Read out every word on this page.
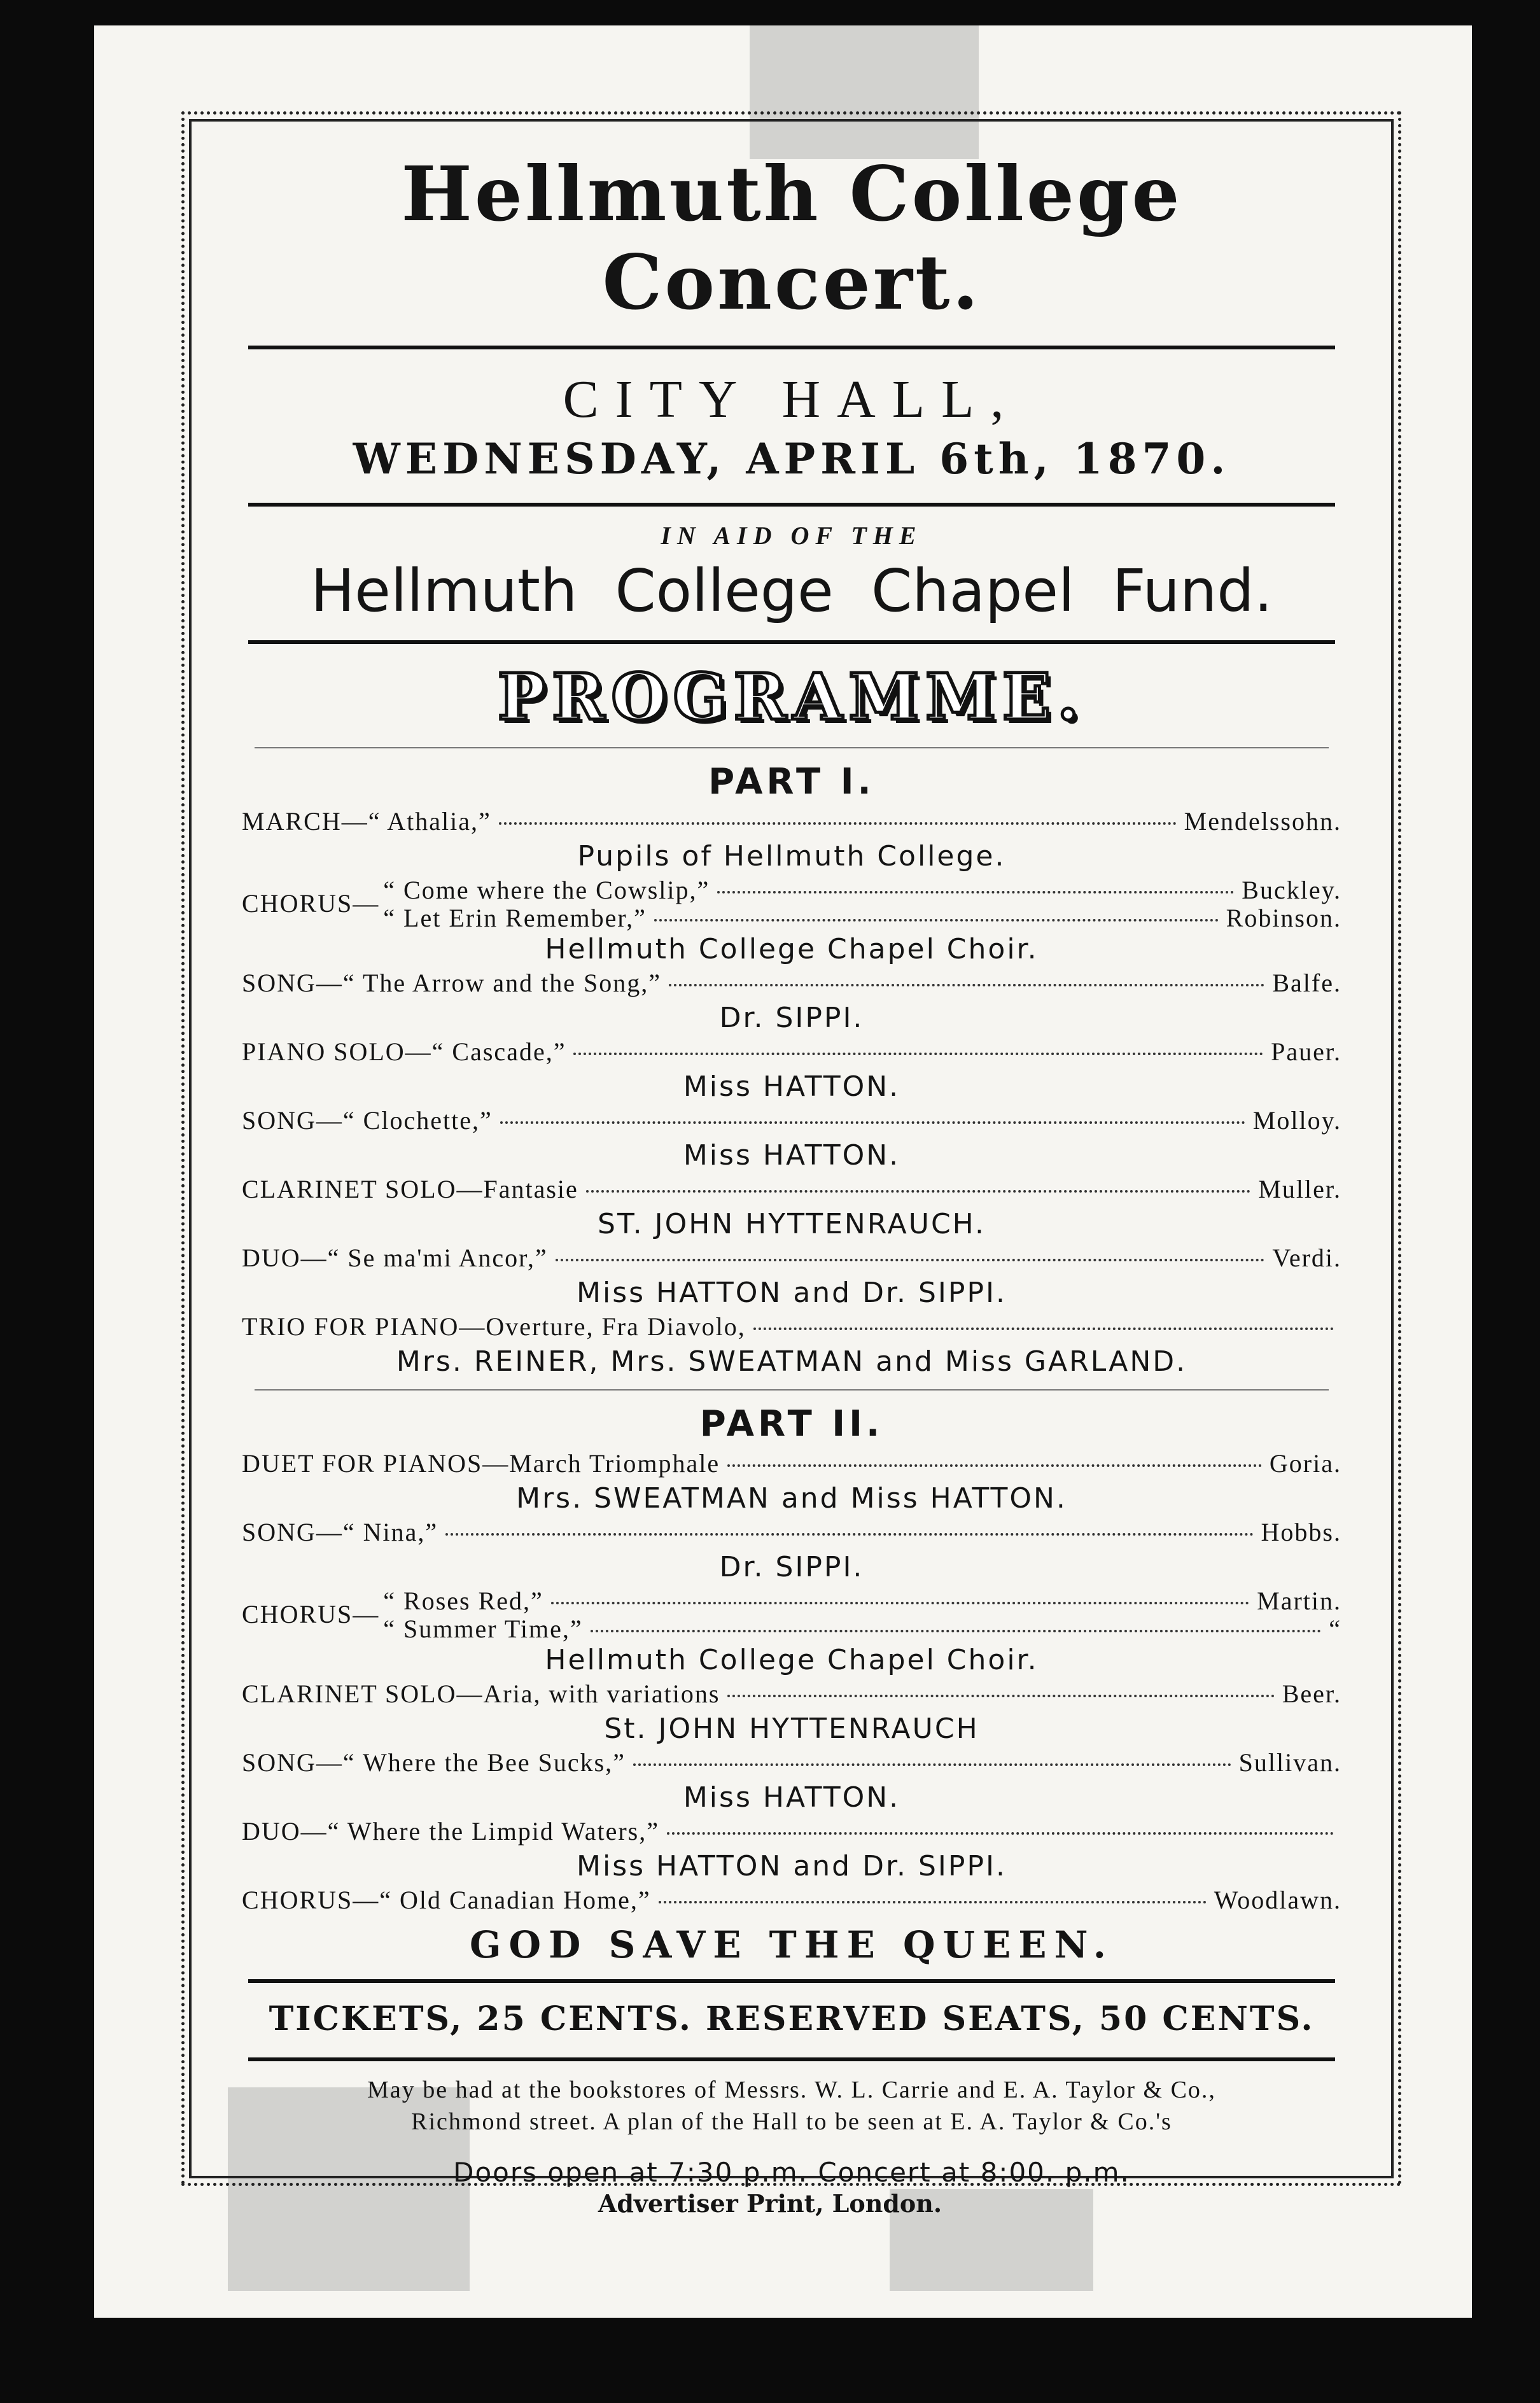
Hellmuth College Concert.
CITY HALL,
WEDNESDAY, APRIL 6th, 1870.
IN AID OF THE
Hellmuth College Chapel Fund.
PROGRAMME.
PART I.
MARCH—“ Athalia,”	Mendelssohn.
Pupils of Hellmuth College.
CHORUS— “ Come where the Cowslip,”	Buckley.
“ Let Erin Remember,”	Robinson.
Hellmuth College Chapel Choir.
SONG—“ The Arrow and the Song,”	Balfe.
Dr. SIPPI.
PIANO SOLO—“ Cascade,”	Pauer.
Miss HATTON.
SONG—“ Clochette,”	Molloy.
Miss HATTON.
CLARINET SOLO—Fantasie	Muller.
ST. JOHN HYTTENRAUCH.
DUO—“ Se ma'mi Ancor,”	Verdi.
Miss HATTON and Dr. SIPPI.
TRIO FOR PIANO—Overture, Fra Diavolo,
Mrs. REINER, Mrs. SWEATMAN and Miss GARLAND.
PART II.
DUET FOR PIANOS—March Triomphale	Goria.
Mrs. SWEATMAN and Miss HATTON.
SONG—“ Nina,”	Hobbs.
Dr. SIPPI.
CHORUS— “ Roses Red,”	Martin.
“ Summer Time,”	“
Hellmuth College Chapel Choir.
CLARINET SOLO—Aria, with variations	Beer.
St. JOHN HYTTENRAUCH
SONG—“ Where the Bee Sucks,”	Sullivan.
Miss HATTON.
DUO—“ Where the Limpid Waters,”
Miss HATTON and Dr. SIPPI.
CHORUS—“ Old Canadian Home,”	Woodlawn.
GOD SAVE THE QUEEN.
TICKETS, 25 CENTS. RESERVED SEATS, 50 CENTS.
May be had at the bookstores of Messrs. W. L. Carrie and E. A. Taylor & Co.,
Richmond street. A plan of the Hall to be seen at E. A. Taylor & Co.'s
Doors open at 7:30 p.m. Concert at 8:00. p.m.
Advertiser Print, London.
